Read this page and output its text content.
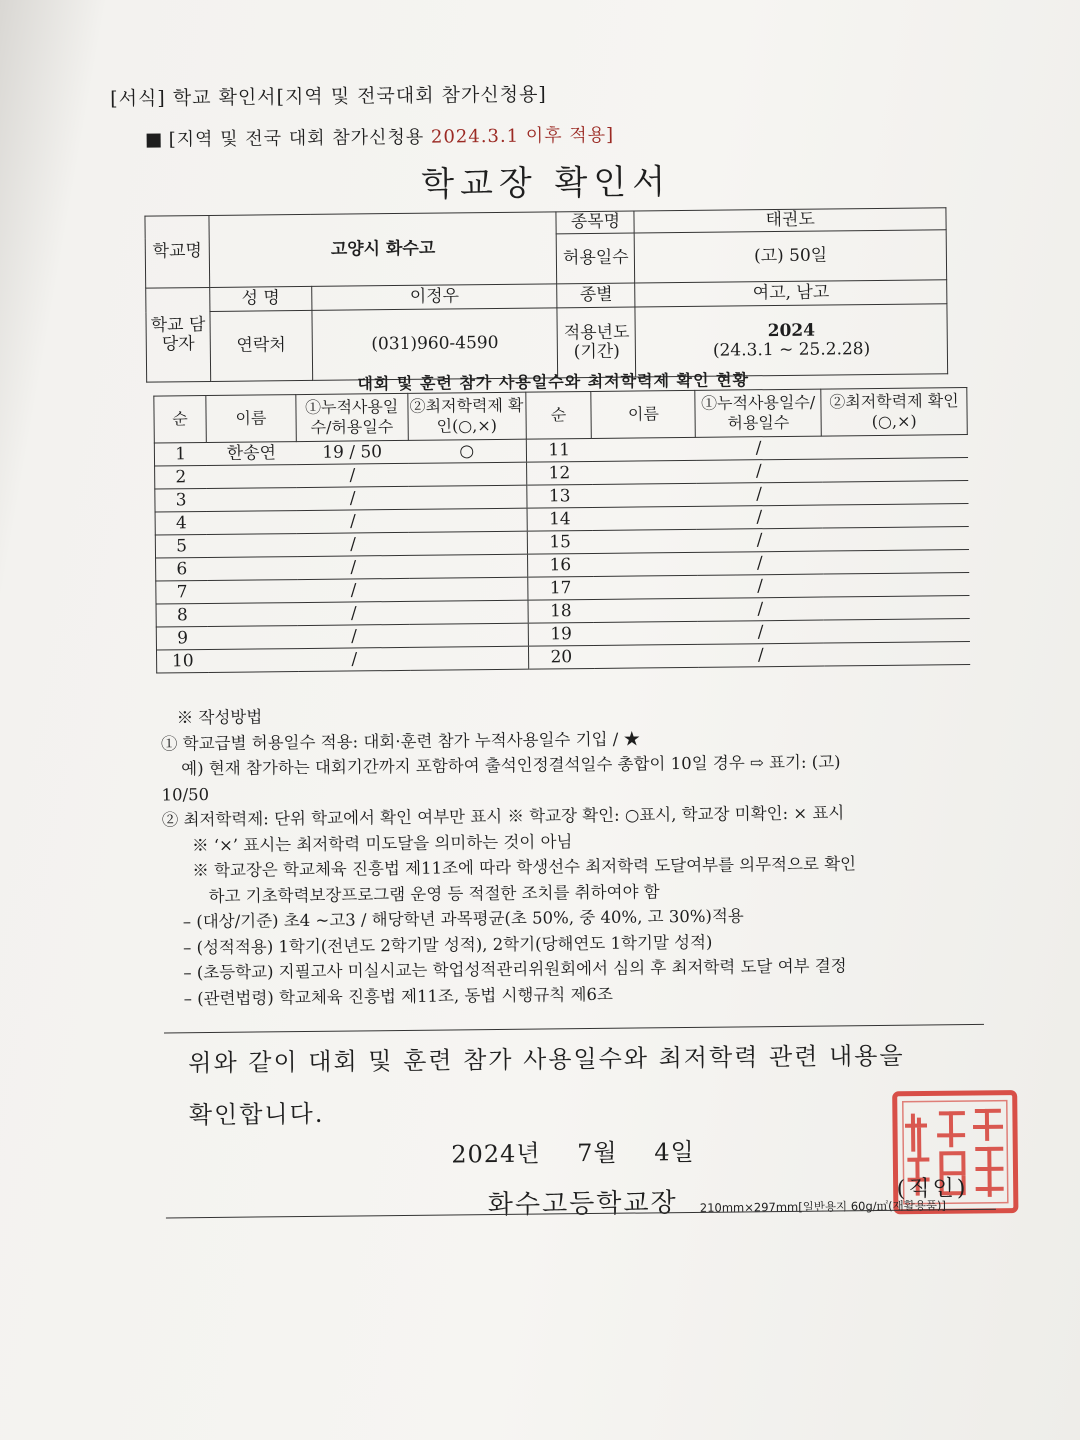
[서식] 학교 확인서[지역 및 전국대회 참가신청용]
[지역 및 전국 대회 참가신청용 2024.3.1 이후 적용]
학교장 확인서
학교명	고양시 화수고		종목명	태권도
			허용일수	(고) 50일
학교 담당자	성 명	이정우	종별	여고, 남고
	연락처	(031)960-4590	적용년도 (기간)	2024
(24.3.1 ~ 25.2.28)
대회 및 훈련 참가 사용일수와 최저학력제 확인 현황
순	이름	①누적사용일수/허용일수	②최저학력제 확인(○,×)	순	이름	①누적사용일수/허용일수	②최저학력제 확인(○,×)
1	한송연	19 / 50	○	11		/	
2		/		12		/	
3		/		13		/	
4		/		14		/	
5		/		15		/	
6		/		16		/	
7		/		17		/	
8		/		18		/	
9		/		19		/	
10		/		20		/	
※ 작성방법
① 학교급별 허용일수 적용: 대회·훈련 참가 누적사용일수 기입 / ★
예) 현재 참가하는 대회기간까지 포함하여 출석인정결석일수 총합이 10일 경우 ⇨ 표기: (고)
10/50
② 최저학력제: 단위 학교에서 확인 여부만 표시 ※ 학교장 확인: ○표시, 학교장 미확인: × 표시
※ ‘×’ 표시는 최저학력 미도달을 의미하는 것이 아님
※ 학교장은 학교체육 진흥법 제11조에 따라 학생선수 최저학력 도달여부를 의무적으로 확인
하고 기초학력보장프로그램 운영 등 적절한 조치를 취하여야 함
– (대상/기준) 초4 ~고3 / 해당학년 과목평균(초 50%, 중 40%, 고 30%)적용
– (성적적용) 1학기(전년도 2학기말 성적), 2학기(당해연도 1학기말 성적)
– (초등학교) 지필고사 미실시교는 학업성적관리위원회에서 심의 후 최저학력 도달 여부 결정
– (관련법령) 학교체육 진흥법 제11조, 동법 시행규칙 제6조
위와 같이 대회 및 훈련 참가 사용일수와 최저학력 관련 내용을
확인합니다.
2024년 7월 4일
화수고등학교장	(직인)
210mm×297mm[일반용지 60g/㎡(재활용품)]
